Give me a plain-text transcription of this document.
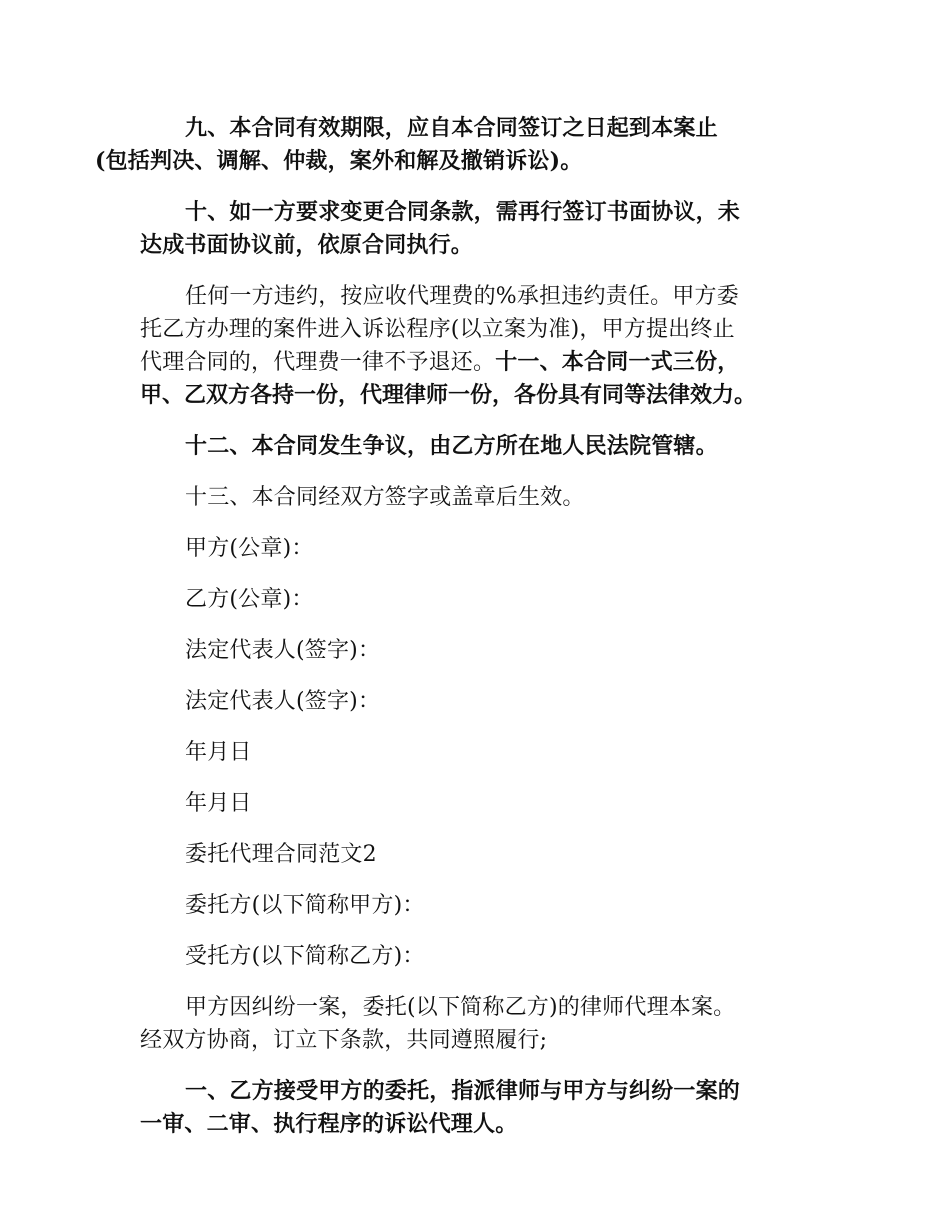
九、本合同有效期限，应自本合同签订之日起到本案止
(包括判决、调解、仲裁，案外和解及撤销诉讼)。

十、如一方要求变更合同条款，需再行签订书面协议，未
达成书面协议前，依原合同执行。

任何一方违约，按应收代理费的%承担违约责任。甲方委
托乙方办理的案件进入诉讼程序(以立案为准)，甲方提出终止
代理合同的，代理费一律不予退还。十一、本合同一式三份，
甲、乙双方各持一份，代理律师一份，各份具有同等法律效力。

十二、本合同发生争议，由乙方所在地人民法院管辖。

十三、本合同经双方签字或盖章后生效。

甲方(公章)：

乙方(公章)：

法定代表人(签字)：

法定代表人(签字)：

年月日

年月日

委托代理合同范文2

委托方(以下简称甲方)：

受托方(以下简称乙方)：

甲方因纠纷一案，委托(以下简称乙方)的律师代理本案。
经双方协商，订立下条款，共同遵照履行;

一、乙方接受甲方的委托，指派律师与甲方与纠纷一案的
一审、二审、执行程序的诉讼代理人。
